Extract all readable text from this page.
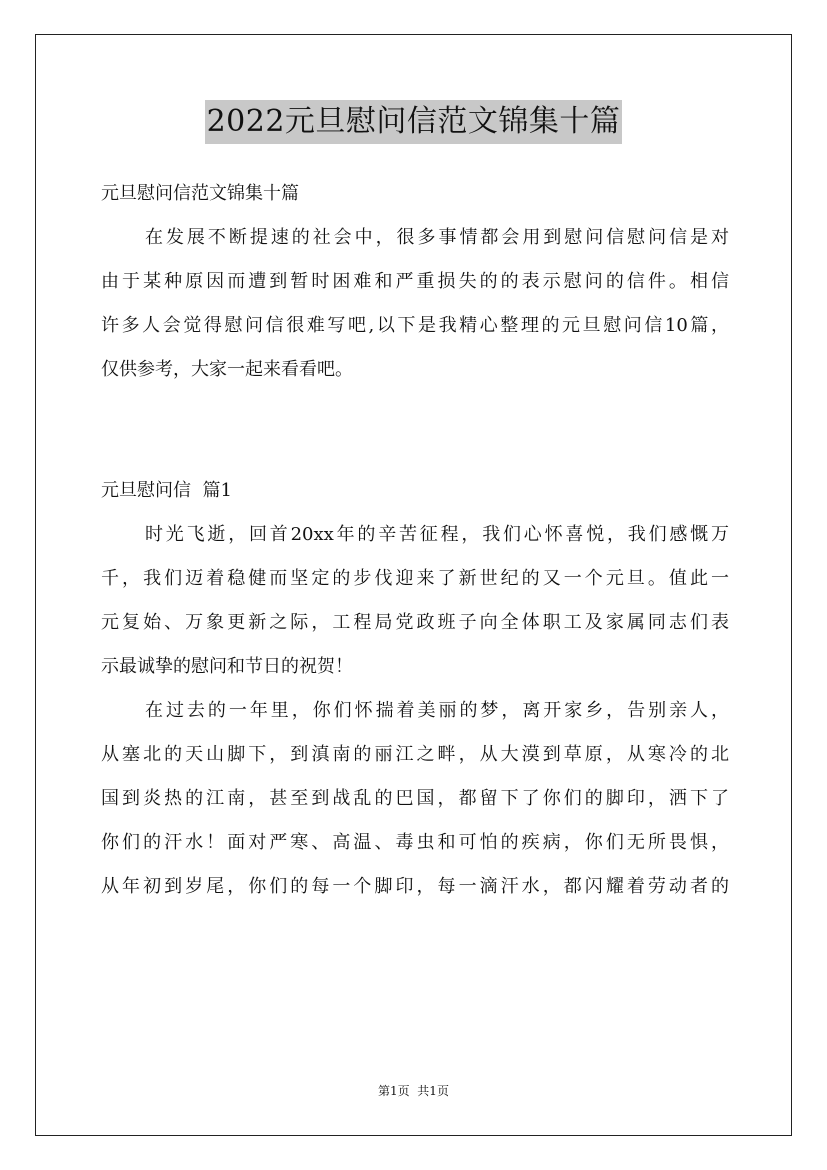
2022元旦慰问信范文锦集十篇
元旦慰问信范文锦集十篇
在发展不断提速的社会中，很多事情都会用到慰问信慰问信是对
由于某种原因而遭到暂时困难和严重损失的的表示慰问的信件。相信
许多人会觉得慰问信很难写吧,以下是我精心整理的元旦慰问信10篇，
仅供参考，大家一起来看看吧。
元旦慰问信  篇1
时光飞逝，回首20xx年的辛苦征程，我们心怀喜悦，我们感慨万
千，我们迈着稳健而坚定的步伐迎来了新世纪的又一个元旦。值此一
元复始、万象更新之际，工程局党政班子向全体职工及家属同志们表
示最诚挚的慰问和节日的祝贺！
在过去的一年里，你们怀揣着美丽的梦，离开家乡，告别亲人，
从塞北的天山脚下，到滇南的丽江之畔，从大漠到草原，从寒冷的北
国到炎热的江南，甚至到战乱的巴国，都留下了你们的脚印，洒下了
你们的汗水！面对严寒、高温、毒虫和可怕的疾病，你们无所畏惧，
从年初到岁尾，你们的每一个脚印，每一滴汗水，都闪耀着劳动者的
第1页  共1页
